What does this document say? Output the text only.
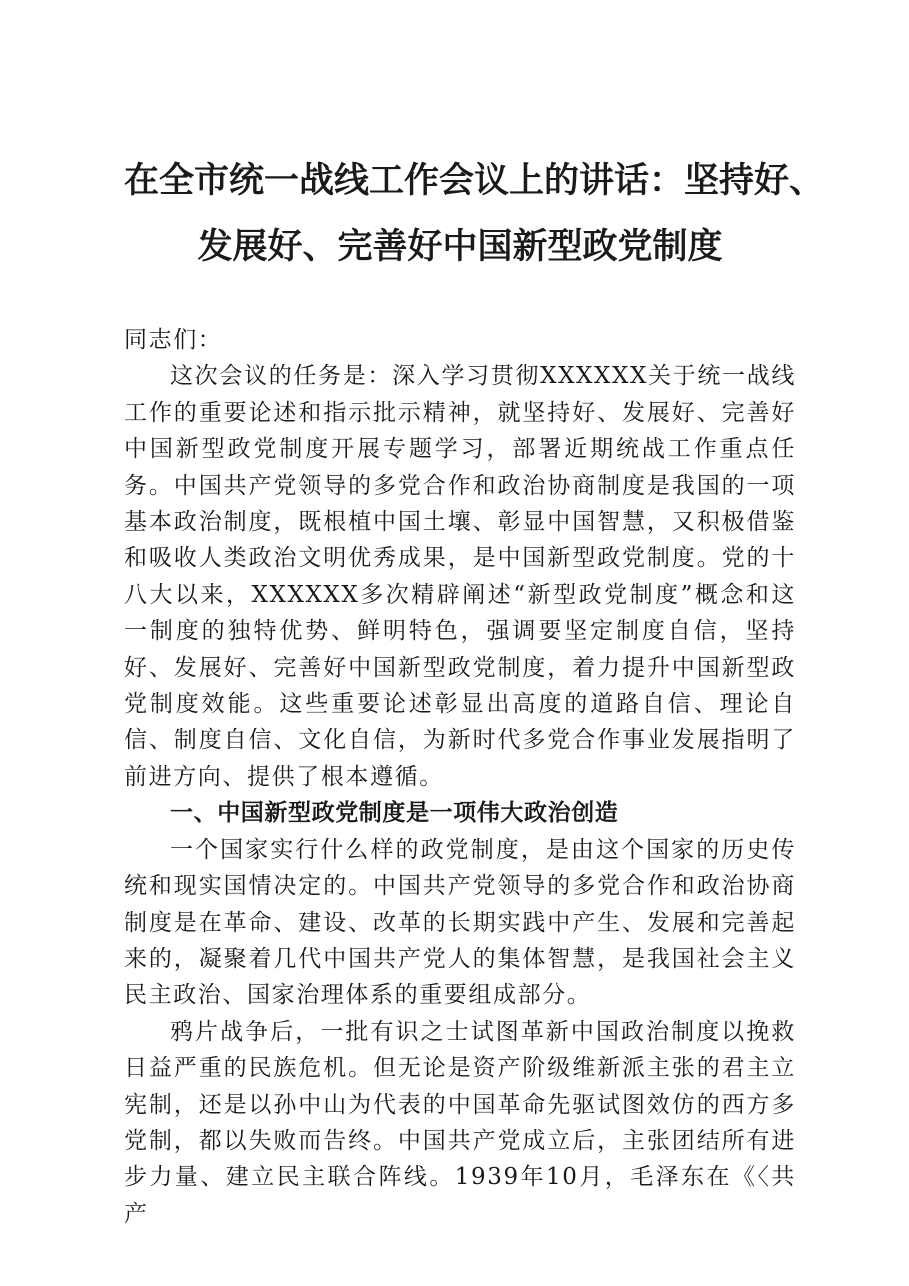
在全市统一战线工作会议上的讲话：坚持好、
发展好、完善好中国新型政党制度

同志们：

这次会议的任务是：深入学习贯彻XXXXXX关于统一战线工作的重要论述和指示批示精神，就坚持好、发展好、完善好中国新型政党制度开展专题学习，部署近期统战工作重点任务。中国共产党领导的多党合作和政治协商制度是我国的一项基本政治制度，既根植中国土壤、彰显中国智慧，又积极借鉴和吸收人类政治文明优秀成果，是中国新型政党制度。党的十八大以来，XXXXXX多次精辟阐述“新型政党制度”概念和这一制度的独特优势、鲜明特色，强调要坚定制度自信，坚持好、发展好、完善好中国新型政党制度，着力提升中国新型政党制度效能。这些重要论述彰显出高度的道路自信、理论自信、制度自信、文化自信，为新时代多党合作事业发展指明了前进方向、提供了根本遵循。

一、中国新型政党制度是一项伟大政治创造

一个国家实行什么样的政党制度，是由这个国家的历史传统和现实国情决定的。中国共产党领导的多党合作和政治协商制度是在革命、建设、改革的长期实践中产生、发展和完善起来的，凝聚着几代中国共产党人的集体智慧，是我国社会主义民主政治、国家治理体系的重要组成部分。

鸦片战争后，一批有识之士试图革新中国政治制度以挽救日益严重的民族危机。但无论是资产阶级维新派主张的君主立宪制，还是以孙中山为代表的中国革命先驱试图效仿的西方多党制，都以失败而告终。中国共产党成立后，主张团结所有进步力量、建立民主联合阵线。1939年10月，毛泽东在《〈共产
